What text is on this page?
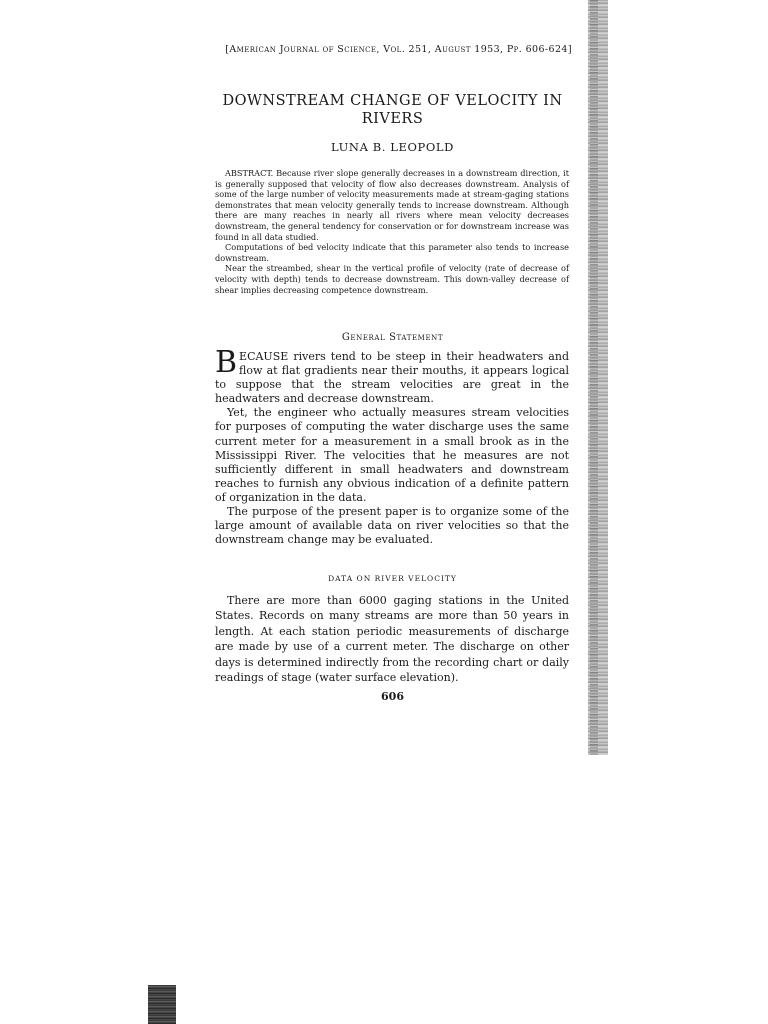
[American Journal of Science, Vol. 251, August 1953, Pp. 606-624]
DOWNSTREAM CHANGE OF VELOCITY IN RIVERS
LUNA B. LEOPOLD

ABSTRACT. Because river slope generally decreases in a downstream direction, it is generally supposed that velocity of flow also decreases downstream. Analysis of some of the large number of velocity measurements made at stream-gaging stations demonstrates that mean velocity generally tends to increase downstream. Although there are many reaches in nearly all rivers where mean velocity decreases downstream, the general tendency for conservation or for downstream increase was found in all data studied.

Computations of bed velocity indicate that this parameter also tends to increase downstream.

Near the streambed, shear in the vertical profile of velocity (rate of decrease of velocity with depth) tends to decrease downstream. This down-valley decrease of shear implies decreasing competence downstream.

General Statement

BECAUSE rivers tend to be steep in their headwaters and flow at flat gradients near their mouths, it appears logical to suppose that the stream velocities are great in the headwaters and decrease downstream.

Yet, the engineer who actually measures stream velocities for purposes of computing the water discharge uses the same current meter for a measurement in a small brook as in the Mississippi River. The velocities that he measures are not sufficiently different in small headwaters and downstream reaches to furnish any obvious indication of a definite pattern of organization in the data.

The purpose of the present paper is to organize some of the large amount of available data on river velocities so that the downstream change may be evaluated.

DATA ON RIVER VELOCITY

There are more than 6000 gaging stations in the United States. Records on many streams are more than 50 years in length. At each station periodic measurements of discharge are made by use of a current meter. The discharge on other days is determined indirectly from the recording chart or daily readings of stage (water surface elevation).

606
